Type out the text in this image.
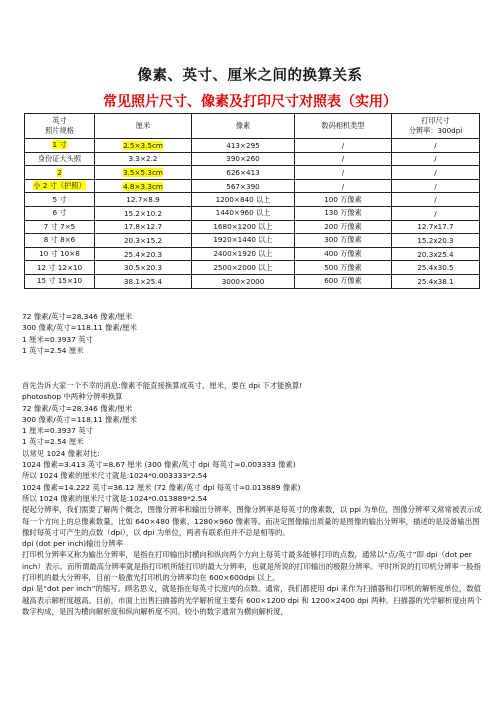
像素、英寸、厘米之间的换算关系
常见照片尺寸、像素及打印尺寸对照表（实用）
英寸
照片规格	厘米	像素	数码相机类型	打印尺寸
分辨率：300dpi
1 寸	2.5×3.5cm	413×295	/	/
身份证大头照	3.3×2.2	390×260	/	/
2	3.5×5.3cm	626×413	/	/
小 2 寸（护照）	4.8×3.3cm	567×390	/	/
5 寸	12.7×8.9	1200×840 以上	100 万像素	/
6 寸	15.2×10.2	1440×960 以上	130 万像素	/
7 寸 7×5	17.8×12.7	1680×1200 以上	200 万像素	12.7x17.7
8 寸 8×6	20.3×15.2	1920×1440 以上	300 万像素	15.2x20.3
10 寸 10×8	25.4×20.3	2400×1920 以上	400 万像素	20.3x25.4
12 寸 12×10	30.5×20.3	2500×2000 以上	500 万像素	25.4x30.5
15 寸 15×10	38.1×25.4	3000×2000	600 万像素	25.4x38.1
72 像素/英寸=28.346 像素/厘米
300 像素/英寸=118.11 像素/厘米
1 厘米=0.3937 英寸
1 英寸=2.54 厘米
首先告诉大家一个不幸的消息:像素不能直接换算成英寸、厘米，要在 dpi 下才能换算!
photoshop 中两种分辨率换算
72 像素/英寸=28.346 像素/厘米
300 像素/英寸=118.11 像素/厘米
1 厘米=0.3937 英寸
1 英寸=2.54 厘米
以常见 1024 像素对比:
1024 像素=3.413 英寸=8.67 厘米 (300 像素/英寸 dpi 每英寸≈0.003333 像素)
所以 1024 像素的厘米尺寸就是:1024*0.003333*2.54
1024 像素=14.222 英寸=36.12 厘米 (72 像素/英寸 dpi 每英寸≈0.013889 像素)
所以 1024 像素的厘米尺寸就是:1024*0.013889*2.54
提起分辨率，我们需要了解两个概念，图像分辨率和输出分辨率，图像分辨率是每英寸的像素数，以 ppi 为单位，图像分辨率又常常被表示成每一个方向上的总像素数量，比如 640×480 像素、1280×960 像素等。而决定图像输出质量的是图像的输出分辨率，描述的是设备输出图像时每英寸可产生的点数（dpi），以 dpi 为单位，两者有联系但并不总是相等的。
dpi (dot per inch)输出分辨率
打印机分辨率又称为输出分辨率，是指在打印输出时横向和纵向两个方向上每英寸最多能够打印的点数，通常以“点/英寸”即 dpi（dot per inch）表示。而所谓最高分辨率就是指打印机所能打印的最大分辨率，也就是所说的打印输出的极限分辨率。平时所说的打印机分辨率一般指打印机的最大分辨率，目前一般激光打印机的分辨率均在 600×600dpi 以上。
dpi 是“dot per inch”的缩写。顾名思义，就是指在每英寸长度内的点数。通常，我们都使用 dpi 来作为扫描器和打印机的解析度单位，数值越高表示解析度越高。目前，市面上出售扫描器的光学解析度主要有 600×1200 dpi 和 1200×2400 dpi 两种。扫描器的光学解析度由两个数字构成，是因为横向解析度和纵向解析度不同。较小的数字通常为横向解析度，
